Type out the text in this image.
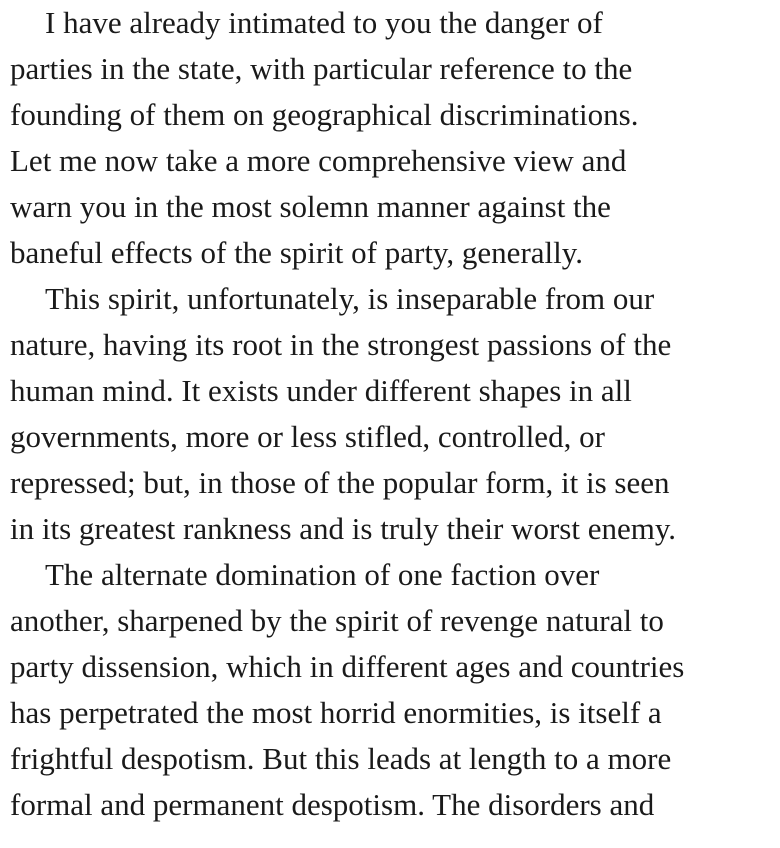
I have already intimated to you the danger of
parties in the state, with particular reference to the
founding of them on geographical discriminations.
Let me now take a more comprehensive view and
warn you in the most solemn manner against the
baneful effects of the spirit of party, generally.
This spirit, unfortunately, is inseparable from our
nature, having its root in the strongest passions of the
human mind. It exists under different shapes in all
governments, more or less stifled, controlled, or
repressed; but, in those of the popular form, it is seen
in its greatest rankness and is truly their worst enemy.
The alternate domination of one faction over
another, sharpened by the spirit of revenge natural to
party dissension, which in different ages and countries
has perpetrated the most horrid enormities, is itself a
frightful despotism. But this leads at length to a more
formal and permanent despotism. The disorders and
